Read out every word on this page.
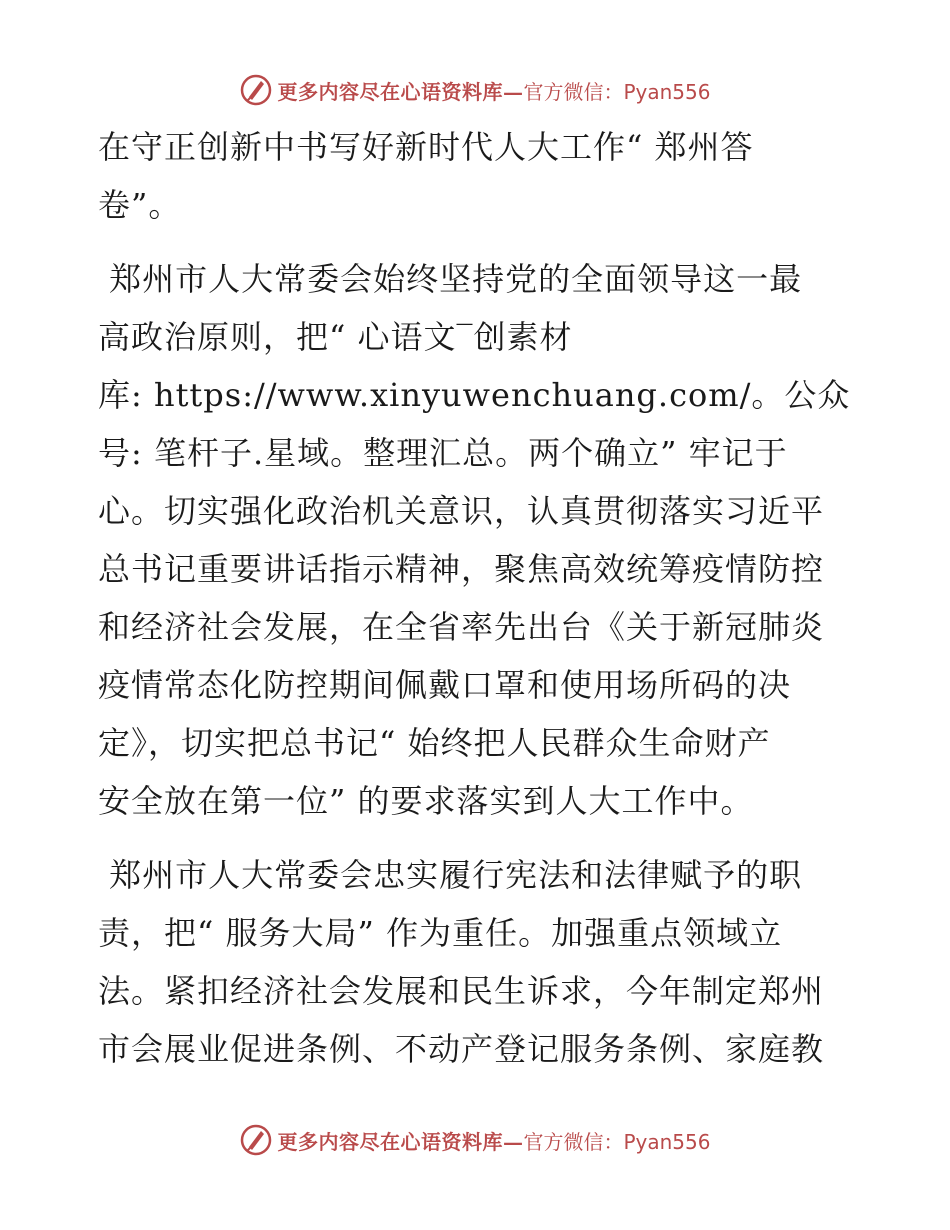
更多内容尽在心语资料库— 官方微信：Pyan556
在守正创新中书写好新时代人大工作“ 郑州答
卷”。
郑州市人大常委会始终坚持党的全面领导这一最
高政治原则，把“ 心语文‾创素材
库: https://www.xinyuwenchuang.com/。公众
号: 笔杆子.星域。整理汇总。两个确立” 牢记于
心。切实强化政治机关意识，认真贯彻落实习近平
总书记重要讲话指示精神，聚焦高效统筹疫情防控
和经济社会发展，在全省率先出台《关于新冠肺炎
疫情常态化防控期间佩戴口罩和使用场所码的决
定》，切实把总书记“ 始终把人民群众生命财产
安全放在第一位” 的要求落实到人大工作中。
郑州市人大常委会忠实履行宪法和法律赋予的职
责，把“ 服务大局” 作为重任。加强重点领域立
法。紧扣经济社会发展和民生诉求，今年制定郑州
市会展业促进条例、不动产登记服务条例、家庭教
更多内容尽在心语资料库— 官方微信：Pyan556
